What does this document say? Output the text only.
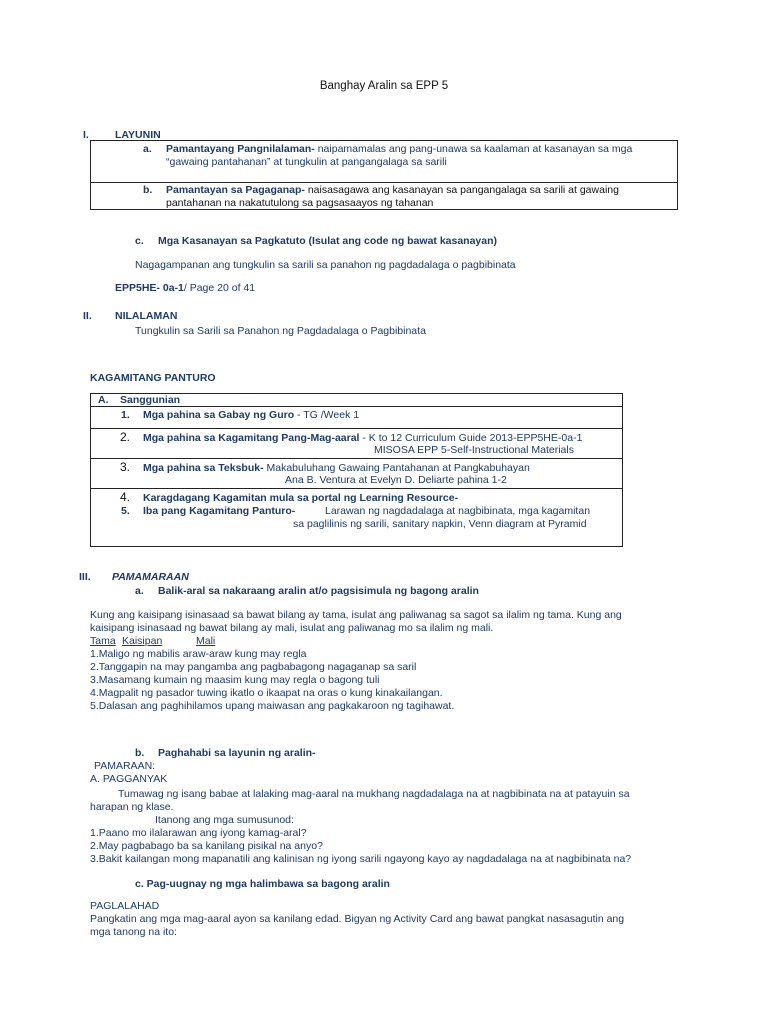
Banghay Aralin sa EPP 5
I. LAYUNIN
a. Pamantayang Pangnilalaman- naipamamalas ang pang-unawa sa kaalaman at kasanayan sa mga
“gawaing pantahanan” at tungkulin at pangangalaga sa sarili
b. Pamantayan sa Pagaganap- naisasagawa ang kasanayan sa pangangalaga sa sarili at gawaing
pantahanan na nakatutulong sa pagsasaayos ng tahanan
c. Mga Kasanayan sa Pagkatuto (Isulat ang code ng bawat kasanayan)
Nagagampanan ang tungkulin sa sarili sa panahon ng pagdadalaga o pagbibinata
EPP5HE- 0a-1/ Page 20 of 41
II. NILALAMAN
Tungkulin sa Sarili sa Panahon ng Pagdadalaga o Pagbibinata
KAGAMITANG PANTURO
A. Sanggunian
1. Mga pahina sa Gabay ng Guro - TG /Week 1
2. Mga pahina sa Kagamitang Pang-Mag-aaral - K to 12 Curriculum Guide 2013-EPP5HE-0a-1
MISOSA EPP 5-Self-Instructional Materials
3. Mga pahina sa Teksbuk- Makabuluhang Gawaing Pantahanan at Pangkabuhayan
Ana B. Ventura at Evelyn D. Deliarte pahina 1-2
4. Karagdagang Kagamitan mula sa portal ng Learning Resource-
5. Iba pang Kagamitang Panturo-	Larawan ng nagdadalaga at nagbibinata, mga kagamitan
sa paglilinis ng sarili, sanitary napkin, Venn diagram at Pyramid
III. PAMAMARAAN
a. Balik-aral sa nakaraang aralin at/o pagsisimula ng bagong aralin
Kung ang kaisipang isinasaad sa bawat bilang ay tama, isulat ang paliwanag sa sagot sa ilalim ng tama. Kung ang
kaisipang isinasaad ng bawat bilang ay mali, isulat ang paliwanag mo sa ilalim ng mali.
Tama Kaisipan	Mali
1.Maligo ng mabilis araw-araw kung may regla
2.Tanggapin na may pangamba ang pagbabagong nagaganap sa saril
3.Masamang kumain ng maasim kung may regla o bagong tuli
4.Magpalit ng pasador tuwing ikatlo o ikaapat na oras o kung kinakailangan.
5.Dalasan ang paghihilamos upang maiwasan ang pagkakaroon ng tagihawat.
b. Paghahabi sa layunin ng aralin-
PAMARAAN:
A. PAGGANYAK
Tumawag ng isang babae at lalaking mag-aaral na mukhang nagdadalaga na at nagbibinata na at patayuin sa
harapan ng klase.
Itanong ang mga sumusunod:
1.Paano mo ilalarawan ang iyong kamag-aral?
2.May pagbabago ba sa kanilang pisikal na anyo?
3.Bakit kailangan mong mapanatili ang kalinisan ng iyong sarili ngayong kayo ay nagdadalaga na at nagbibinata na?
c. Pag-uugnay ng mga halimbawa sa bagong aralin
PAGLALAHAD
Pangkatin ang mga mag-aaral ayon sa kanilang edad. Bigyan ng Activity Card ang bawat pangkat nasasagutin ang
mga tanong na ito:
